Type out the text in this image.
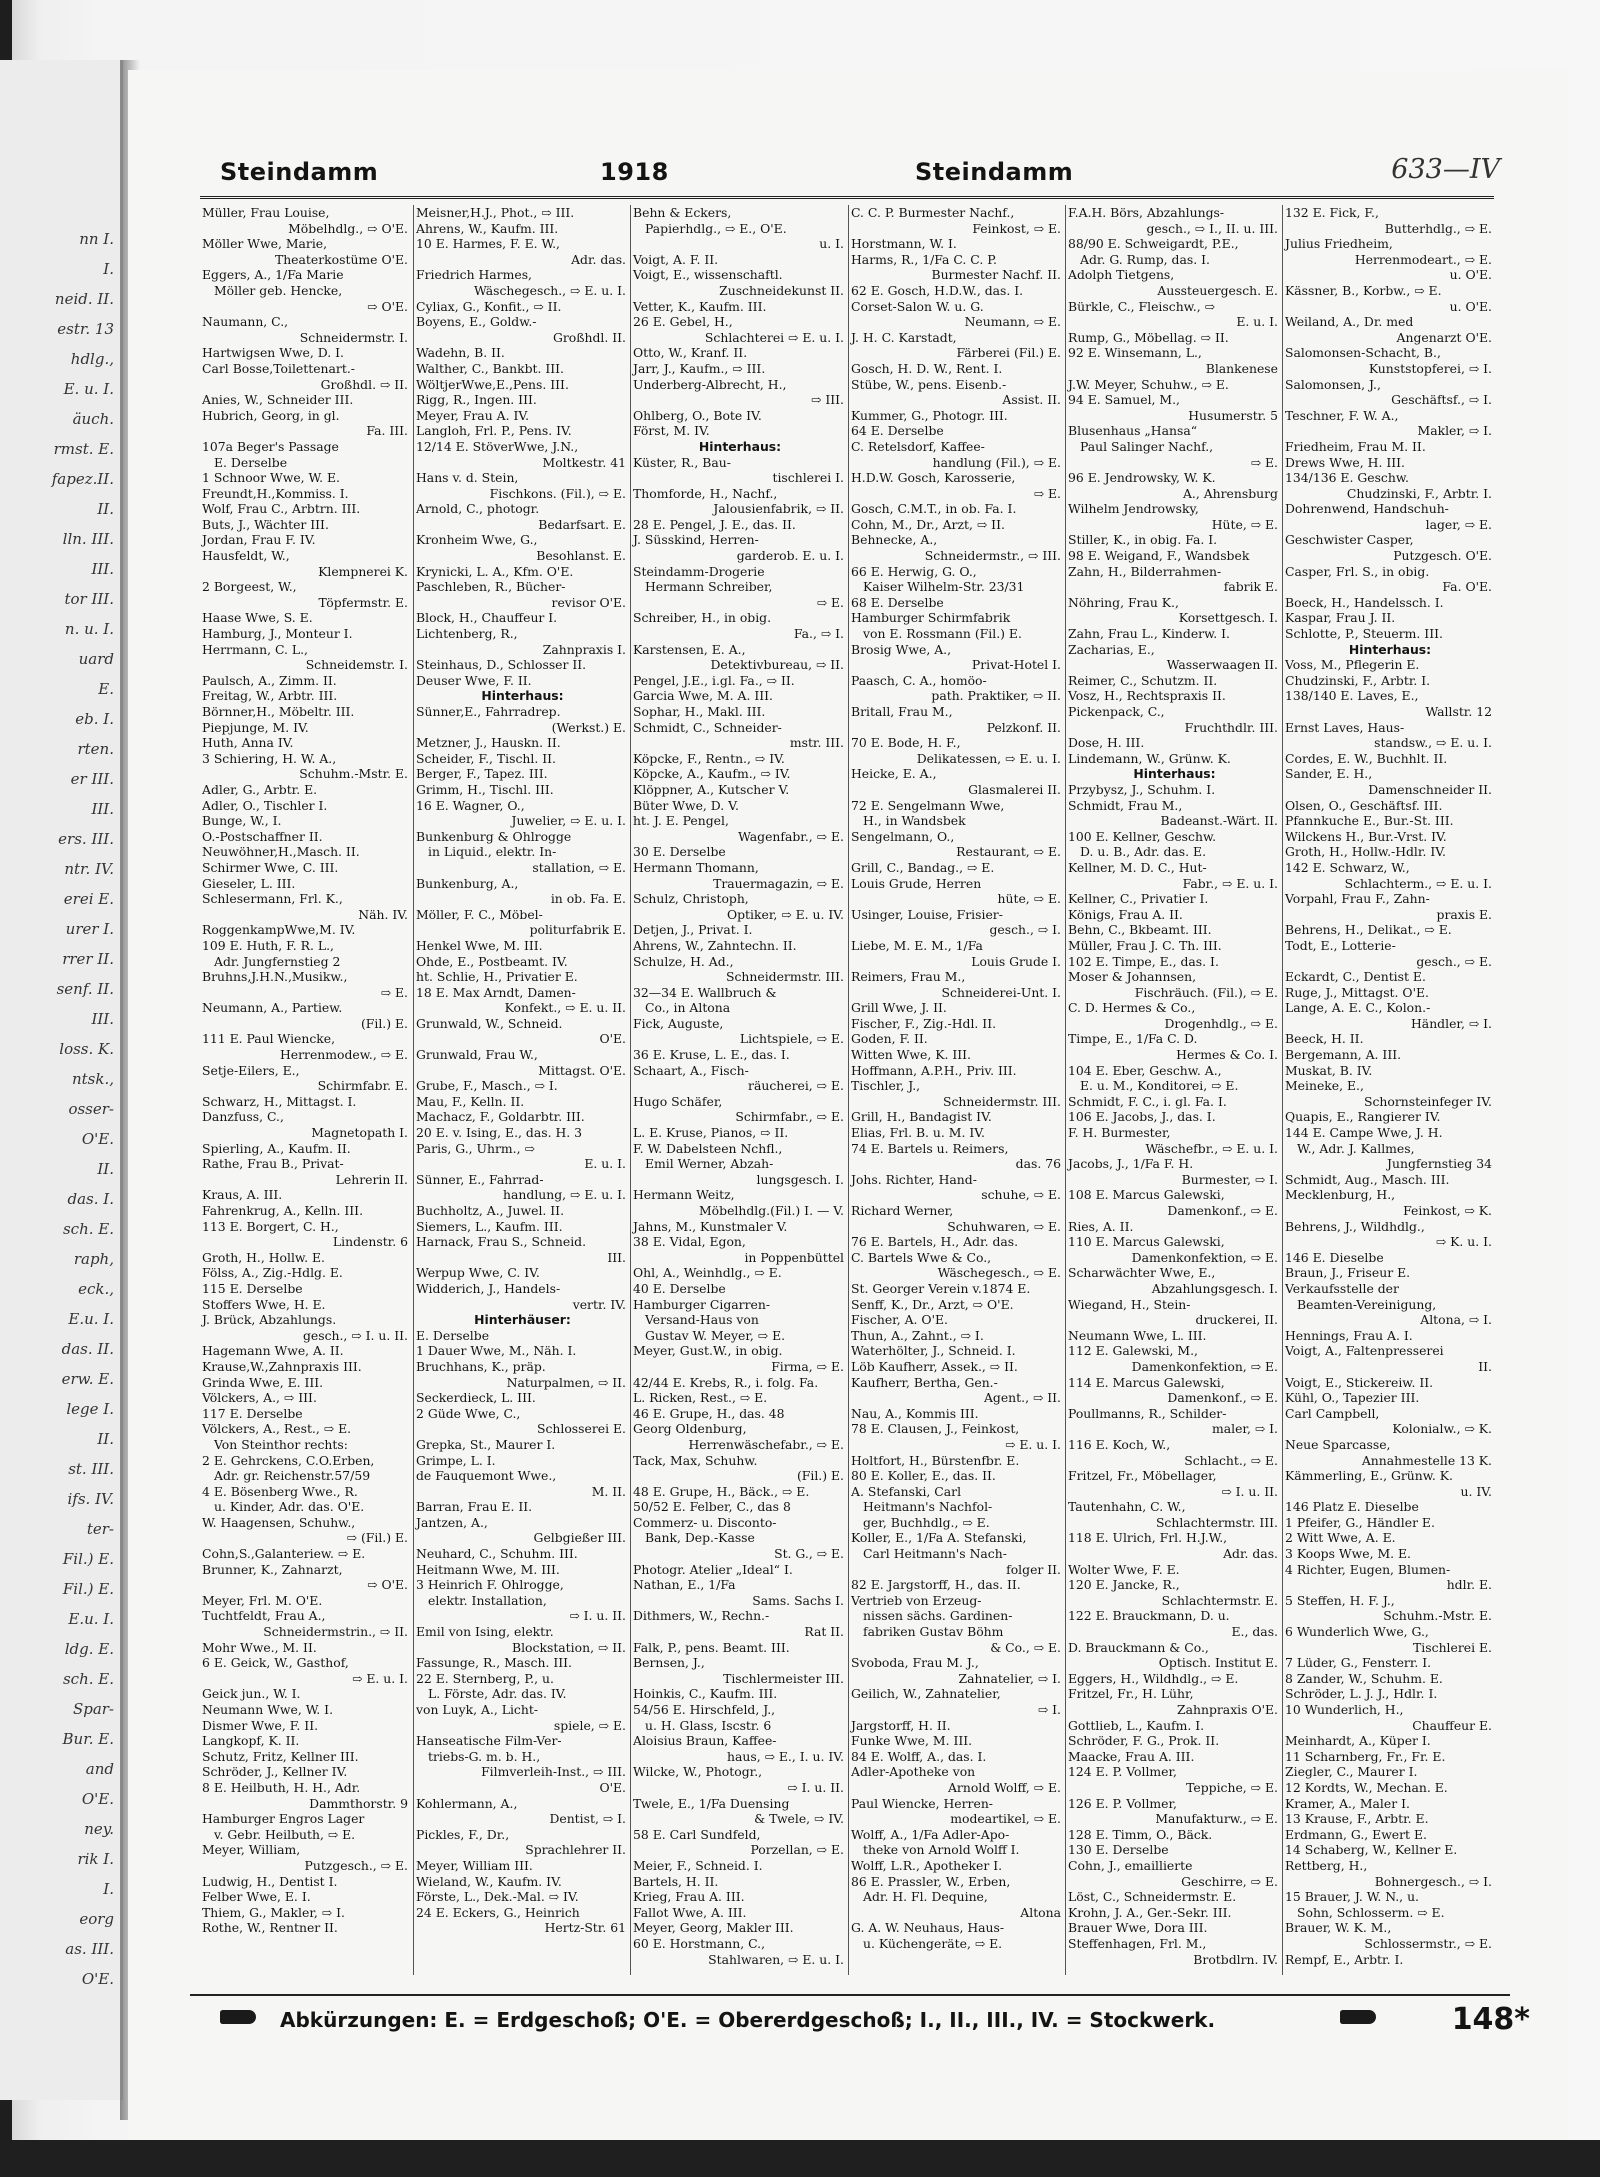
nn I.
I.
neid. II.
estr. 13
hdlg.,
E. u. I.
äuch.
rmst. E.
fapez.II.
II.
lln. III.
III.
tor III.
n. u. I.
uard
E.
eb. I.
rten.
er III.
III.
ers. III.
ntr. IV.
erei E.
urer I.
rrer II.
senf. II.
III.
loss. K.
ntsk.,
osser-
O'E.
II.
das. I.
sch. E.
raph,
eck.,
E.u. I.
das. II.
erw. E.
lege I.
II.
st. III.
ifs. IV.
ter-
Fil.) E.
Fil.) E.
E.u. I.
ldg. E.
sch. E.
Spar-
Bur. E.
and
O'E.
ney.
rik I.
I.
eorg
as. III.
O'E.
Steindamm	1918	Steindamm	633—IV
Müller, Frau Louise,
Möbelhdlg., ⇨ O'E.
Möller Wwe, Marie,
Theaterkostüme O'E.
Eggers, A., 1/Fa Marie
Möller geb. Hencke,
⇨ O'E.
Naumann, C.,
Schneidermstr. I.
Hartwigsen Wwe, D. I.
Carl Bosse,Toilettenart.-
Großhdl. ⇨ II.
Anies, W., Schneider III.
Hubrich, Georg, in gl.
Fa. III.
107a Beger's Passage
E. Derselbe
1 Schnoor Wwe, W. E.
Freundt,H.,Kommiss. I.
Wolf, Frau C., Arbtrn. III.
Buts, J., Wächter III.
Jordan, Frau F. IV.
Hausfeldt, W.,
Klempnerei K.
2 Borgeest, W.,
Töpfermstr. E.
Haase Wwe, S. E.
Hamburg, J., Monteur I.
Herrmann, C. L.,
Schneidemstr. I.
Paulsch, A., Zimm. II.
Freitag, W., Arbtr. III.
Börnner,H., Möbeltr. III.
Piepjunge, M. IV.
Huth, Anna IV.
3 Schiering, H. W. A.,
Schuhm.-Mstr. E.
Adler, G., Arbtr. E.
Adler, O., Tischler I.
Bunge, W., I.
O.-Postschaffner II.
Neuwöhner,H.,Masch. II.
Schirmer Wwe, C. III.
Gieseler, L. III.
Schlesermann, Frl. K.,
Näh. IV.
RoggenkampWwe,M. IV.
109 E. Huth, F. R. L.,
Adr. Jungfernstieg 2
Bruhns,J.H.N.,Musikw.,
⇨ E.
Neumann, A., Partiew.
(Fil.) E.
111 E. Paul Wiencke,
Herrenmodew., ⇨ E.
Setje-Eilers, E.,
Schirmfabr. E.
Schwarz, H., Mittagst. I.
Danzfuss, C.,
Magnetopath I.
Spierling, A., Kaufm. II.
Rathe, Frau B., Privat-
Lehrerin II.
Kraus, A. III.
Fahrenkrug, A., Kelln. III.
113 E. Borgert, C. H.,
Lindenstr. 6
Groth, H., Hollw. E.
Fölss, A., Zig.-Hdlg. E.
115 E. Derselbe
Stoffers Wwe, H. E.
J. Brück, Abzahlungs.
gesch., ⇨ I. u. II.
Hagemann Wwe, A. II.
Krause,W.,Zahnpraxis III.
Grinda Wwe, E. III.
Völckers, A., ⇨ III.
117 E. Derselbe
Völckers, A., Rest., ⇨ E.
Von Steinthor rechts:
2 E. Gehrckens, C.O.Erben,
Adr. gr. Reichenstr.57/59
4 E. Bösenberg Wwe., R.
u. Kinder, Adr. das. O'E.
W. Haagensen, Schuhw.,
⇨ (Fil.) E.
Cohn,S.,Galanteriew. ⇨ E.
Brunner, K., Zahnarzt,
⇨ O'E.
Meyer, Frl. M. O'E.
Tuchtfeldt, Frau A.,
Schneidermstrin., ⇨ II.
Mohr Wwe., M. II.
6 E. Geick, W., Gasthof,
⇨ E. u. I.
Geick jun., W. I.
Neumann Wwe, W. I.
Dismer Wwe, F. II.
Langkopf, K. II.
Schutz, Fritz, Kellner III.
Schröder, J., Kellner IV.
8 E. Heilbuth, H. H., Adr.
Dammthorstr. 9
Hamburger Engros Lager
v. Gebr. Heilbuth, ⇨ E.
Meyer, William,
Putzgesch., ⇨ E.
Ludwig, H., Dentist I.
Felber Wwe, E. I.
Thiem, G., Makler, ⇨ I.
Rothe, W., Rentner II.
Meisner,H.J., Phot., ⇨ III.
Ahrens, W., Kaufm. III.
10 E. Harmes, F. E. W.,
Adr. das.
Friedrich Harmes,
Wäschegesch., ⇨ E. u. I.
Cyliax, G., Konfit., ⇨ II.
Boyens, E., Goldw.-
Großhdl. II.
Wadehn, B. II.
Walther, C., Bankbt. III.
WöltjerWwe,E.,Pens. III.
Rigg, R., Ingen. III.
Meyer, Frau A. IV.
Langloh, Frl. P., Pens. IV.
12/14 E. StöverWwe, J.N.,
Moltkestr. 41
Hans v. d. Stein,
Fischkons. (Fil.), ⇨ E.
Arnold, C., photogr.
Bedarfsart. E.
Kronheim Wwe, G.,
Besohlanst. E.
Krynicki, L. A., Kfm. O'E.
Paschleben, R., Bücher-
revisor O'E.
Block, H., Chauffeur I.
Lichtenberg, R.,
Zahnpraxis I.
Steinhaus, D., Schlosser II.
Deuser Wwe, F. II.
Hinterhaus:
Sünner,E., Fahrradrep.
(Werkst.) E.
Metzner, J., Hauskn. II.
Scheider, F., Tischl. II.
Berger, F., Tapez. III.
Grimm, H., Tischl. III.
16 E. Wagner, O.,
Juwelier, ⇨ E. u. I.
Bunkenburg & Ohlrogge
in Liquid., elektr. In-
stallation, ⇨ E.
Bunkenburg, A.,
in ob. Fa. E.
Möller, F. C., Möbel-
politurfabrik E.
Henkel Wwe, M. III.
Ohde, E., Postbeamt. IV.
ht. Schlie, H., Privatier E.
18 E. Max Arndt, Damen-
Konfekt., ⇨ E. u. II.
Grunwald, W., Schneid.
O'E.
Grunwald, Frau W.,
Mittagst. O'E.
Grube, F., Masch., ⇨ I.
Mau, F., Kelln. II.
Machacz, F., Goldarbtr. III.
20 E. v. Ising, E., das. H. 3
Paris, G., Uhrm., ⇨
E. u. I.
Sünner, E., Fahrrad-
handlung, ⇨ E. u. I.
Buchholtz, A., Juwel. II.
Siemers, L., Kaufm. III.
Harnack, Frau S., Schneid.
III.
Werpup Wwe, C. IV.
Widderich, J., Handels-
vertr. IV.
Hinterhäuser:
E. Derselbe
1 Dauer Wwe, M., Näh. I.
Bruchhans, K., präp.
Naturpalmen, ⇨ II.
Seckerdieck, L. III.
2 Güde Wwe, C.,
Schlosserei E.
Grepka, St., Maurer I.
Grimpe, L. I.
de Fauquemont Wwe.,
M. II.
Barran, Frau E. II.
Jantzen, A.,
Gelbgießer III.
Neuhard, C., Schuhm. III.
Heitmann Wwe, M. III.
3 Heinrich F. Ohlrogge,
elektr. Installation,
⇨ I. u. II.
Emil von Ising, elektr.
Blockstation, ⇨ II.
Fassunge, R., Masch. III.
22 E. Sternberg, P., u.
L. Förste, Adr. das. IV.
von Luyk, A., Licht-
spiele, ⇨ E.
Hanseatische Film-Ver-
triebs-G. m. b. H.,
Filmverleih-Inst., ⇨ III.
O'E.
Kohlermann, A.,
Dentist, ⇨ I.
Pickles, F., Dr.,
Sprachlehrer II.
Meyer, William III.
Wieland, W., Kaufm. IV.
Förste, L., Dek.-Mal. ⇨ IV.
24 E. Eckers, G., Heinrich
Hertz-Str. 61
Behn & Eckers,
Papierhdlg., ⇨ E., O'E.
u. I.
Voigt, A. F. II.
Voigt, E., wissenschaftl.
Zuschneidekunst II.
Vetter, K., Kaufm. III.
26 E. Gebel, H.,
Schlachterei ⇨ E. u. I.
Otto, W., Kranf. II.
Jarr, J., Kaufm., ⇨ III.
Underberg-Albrecht, H.,
⇨ III.
Ohlberg, O., Bote IV.
Först, M. IV.
Hinterhaus:
Küster, R., Bau-
tischlerei I.
Thomforde, H., Nachf.,
Jalousienfabrik, ⇨ II.
28 E. Pengel, J. E., das. II.
J. Süsskind, Herren-
garderob. E. u. I.
Steindamm-Drogerie
Hermann Schreiber,
⇨ E.
Schreiber, H., in obig.
Fa., ⇨ I.
Karstensen, E. A.,
Detektivbureau, ⇨ II.
Pengel, J.E., i.gl. Fa., ⇨ II.
Garcia Wwe, M. A. III.
Sophar, H., Makl. III.
Schmidt, C., Schneider-
mstr. III.
Köpcke, F., Rentn., ⇨ IV.
Köpcke, A., Kaufm., ⇨ IV.
Klöppner, A., Kutscher V.
Büter Wwe, D. V.
ht. J. E. Pengel,
Wagenfabr., ⇨ E.
30 E. Derselbe
Hermann Thomann,
Trauermagazin, ⇨ E.
Schulz, Christoph,
Optiker, ⇨ E. u. IV.
Detjen, J., Privat. I.
Ahrens, W., Zahntechn. II.
Schulze, H. Ad.,
Schneidermstr. III.
32—34 E. Wallbruch &
Co., in Altona
Fick, Auguste,
Lichtspiele, ⇨ E.
36 E. Kruse, L. E., das. I.
Schaart, A., Fisch-
räucherei, ⇨ E.
Hugo Schäfer,
Schirmfabr., ⇨ E.
L. E. Kruse, Pianos, ⇨ II.
F. W. Dabelsteen Nchfl.,
Emil Werner, Abzah-
lungsgesch. I.
Hermann Weitz,
Möbelhdlg.(Fil.) I. — V.
Jahns, M., Kunstmaler V.
38 E. Vidal, Egon,
in Poppenbüttel
Ohl, A., Weinhdlg., ⇨ E.
40 E. Derselbe
Hamburger Cigarren-
Versand-Haus von
Gustav W. Meyer, ⇨ E.
Meyer, Gust.W., in obig.
Firma, ⇨ E.
42/44 E. Krebs, R., i. folg. Fa.
L. Ricken, Rest., ⇨ E.
46 E. Grupe, H., das. 48
Georg Oldenburg,
Herrenwäschefabr., ⇨ E.
Tack, Max, Schuhw.
(Fil.) E.
48 E. Grupe, H., Bäck., ⇨ E.
50/52 E. Felber, C., das 8
Commerz- u. Disconto-
Bank, Dep.-Kasse
St. G., ⇨ E.
Photogr. Atelier „Ideal“ I.
Nathan, E., 1/Fa
Sams. Sachs I.
Dithmers, W., Rechn.-
Rat II.
Falk, P., pens. Beamt. III.
Bernsen, J.,
Tischlermeister III.
Hoinkis, C., Kaufm. III.
54/56 E. Hirschfeld, J.,
u. H. Glass, Iscstr. 6
Aloisius Braun, Kaffee-
haus, ⇨ E., I. u. IV.
Wilcke, W., Photogr.,
⇨ I. u. II.
Twele, E., 1/Fa Duensing
& Twele, ⇨ IV.
58 E. Carl Sundfeld,
Porzellan, ⇨ E.
Meier, F., Schneid. I.
Bartels, H. II.
Krieg, Frau A. III.
Fallot Wwe, A. III.
Meyer, Georg, Makler III.
60 E. Horstmann, C.,
Stahlwaren, ⇨ E. u. I.
C. C. P. Burmester Nachf.,
Feinkost, ⇨ E.
Horstmann, W. I.
Harms, R., 1/Fa C. C. P.
Burmester Nachf. II.
62 E. Gosch, H.D.W., das. I.
Corset-Salon W. u. G.
Neumann, ⇨ E.
J. H. C. Karstadt,
Färberei (Fil.) E.
Gosch, H. D. W., Rent. I.
Stübe, W., pens. Eisenb.-
Assist. II.
Kummer, G., Photogr. III.
64 E. Derselbe
C. Retelsdorf, Kaffee-
handlung (Fil.), ⇨ E.
H.D.W. Gosch, Karosserie,
⇨ E.
Gosch, C.M.T., in ob. Fa. I.
Cohn, M., Dr., Arzt, ⇨ II.
Behnecke, A.,
Schneidermstr., ⇨ III.
66 E. Herwig, G. O.,
Kaiser Wilhelm-Str. 23/31
68 E. Derselbe
Hamburger Schirmfabrik
von E. Rossmann (Fil.) E.
Brosig Wwe, A.,
Privat-Hotel I.
Paasch, C. A., homöo-
path. Praktiker, ⇨ II.
Britall, Frau M.,
Pelzkonf. II.
70 E. Bode, H. F.,
Delikatessen, ⇨ E. u. I.
Heicke, E. A.,
Glasmalerei II.
72 E. Sengelmann Wwe,
H., in Wandsbek
Sengelmann, O.,
Restaurant, ⇨ E.
Grill, C., Bandag., ⇨ E.
Louis Grude, Herren
hüte, ⇨ E.
Usinger, Louise, Frisier-
gesch., ⇨ I.
Liebe, M. E. M., 1/Fa
Louis Grude I.
Reimers, Frau M.,
Schneiderei-Unt. I.
Grill Wwe, J. II.
Fischer, F., Zig.-Hdl. II.
Goden, F. II.
Witten Wwe, K. III.
Hoffmann, A.P.H., Priv. III.
Tischler, J.,
Schneidermstr. III.
Grill, H., Bandagist IV.
Elias, Frl. B. u. M. IV.
74 E. Bartels u. Reimers,
das. 76
Johs. Richter, Hand-
schuhe, ⇨ E.
Richard Werner,
Schuhwaren, ⇨ E.
76 E. Bartels, H., Adr. das.
C. Bartels Wwe & Co.,
Wäschegesch., ⇨ E.
St. Georger Verein v.1874 E.
Senff, K., Dr., Arzt, ⇨ O'E.
Fischer, A. O'E.
Thun, A., Zahnt., ⇨ I.
Waterhölter, J., Schneid. I.
Löb Kaufherr, Assek., ⇨ II.
Kaufherr, Bertha, Gen.-
Agent., ⇨ II.
Nau, A., Kommis III.
78 E. Clausen, J., Feinkost,
⇨ E. u. I.
Holtfort, H., Bürstenfbr. E.
80 E. Koller, E., das. II.
A. Stefanski, Carl
Heitmann's Nachfol-
ger, Buchhdlg., ⇨ E.
Koller, E., 1/Fa A. Stefanski,
Carl Heitmann's Nach-
folger II.
82 E. Jargstorff, H., das. II.
Vertrieb von Erzeug-
nissen sächs. Gardinen-
fabriken Gustav Böhm
& Co., ⇨ E.
Svoboda, Frau M. J.,
Zahnatelier, ⇨ I.
Geilich, W., Zahnatelier,
⇨ I.
Jargstorff, H. II.
Funke Wwe, M. III.
84 E. Wolff, A., das. I.
Adler-Apotheke von
Arnold Wolff, ⇨ E.
Paul Wiencke, Herren-
modeartikel, ⇨ E.
Wolff, A., 1/Fa Adler-Apo-
theke von Arnold Wolff I.
Wolff, L.R., Apotheker I.
86 E. Prassler, W., Erben,
Adr. H. Fl. Dequine,
Altona
G. A. W. Neuhaus, Haus-
u. Küchengeräte, ⇨ E.
F.A.H. Börs, Abzahlungs-
gesch., ⇨ I., II. u. III.
88/90 E. Schweigardt, P.E.,
Adr. G. Rump, das. I.
Adolph Tietgens,
Aussteuergesch. E.
Bürkle, C., Fleischw., ⇨
E. u. I.
Rump, G., Möbellag. ⇨ II.
92 E. Winsemann, L.,
Blankenese
J.W. Meyer, Schuhw., ⇨ E.
94 E. Samuel, M.,
Husumerstr. 5
Blusenhaus „Hansa“
Paul Salinger Nachf.,
⇨ E.
96 E. Jendrowsky, W. K.
A., Ahrensburg
Wilhelm Jendrowsky,
Hüte, ⇨ E.
Stiller, K., in obig. Fa. I.
98 E. Weigand, F., Wandsbek
Zahn, H., Bilderrahmen-
fabrik E.
Nöhring, Frau K.,
Korsettgesch. I.
Zahn, Frau L., Kinderw. I.
Zacharias, E.,
Wasserwaagen II.
Reimer, C., Schutzm. II.
Vosz, H., Rechtspraxis II.
Pickenpack, C.,
Fruchthdlr. III.
Dose, H. III.
Lindemann, W., Grünw. K.
Hinterhaus:
Przybysz, J., Schuhm. I.
Schmidt, Frau M.,
Badeanst.-Wärt. II.
100 E. Kellner, Geschw.
D. u. B., Adr. das. E.
Kellner, M. D. C., Hut-
Fabr., ⇨ E. u. I.
Kellner, C., Privatier I.
Königs, Frau A. II.
Behn, C., Bkbeamt. III.
Müller, Frau J. C. Th. III.
102 E. Timpe, E., das. I.
Moser & Johannsen,
Fischräuch. (Fil.), ⇨ E.
C. D. Hermes & Co.,
Drogenhdlg., ⇨ E.
Timpe, E., 1/Fa C. D.
Hermes & Co. I.
104 E. Eber, Geschw. A.,
E. u. M., Konditorei, ⇨ E.
Schmidt, F. C., i. gl. Fa. I.
106 E. Jacobs, J., das. I.
F. H. Burmester,
Wäschefbr., ⇨ E. u. I.
Jacobs, J., 1/Fa F. H.
Burmester, ⇨ I.
108 E. Marcus Galewski,
Damenkonf., ⇨ E.
Ries, A. II.
110 E. Marcus Galewski,
Damenkonfektion, ⇨ E.
Scharwächter Wwe, E.,
Abzahlungsgesch. I.
Wiegand, H., Stein-
druckerei, II.
Neumann Wwe, L. III.
112 E. Galewski, M.,
Damenkonfektion, ⇨ E.
114 E. Marcus Galewski,
Damenkonf., ⇨ E.
Poullmanns, R., Schilder-
maler, ⇨ I.
116 E. Koch, W.,
Schlacht., ⇨ E.
Fritzel, Fr., Möbellager,
⇨ I. u. II.
Tautenhahn, C. W.,
Schlachtermstr. III.
118 E. Ulrich, Frl. H.J.W.,
Adr. das.
Wolter Wwe, F. E.
120 E. Jancke, R.,
Schlachtermstr. E.
122 E. Brauckmann, D. u.
E., das.
D. Brauckmann & Co.,
Optisch. Institut E.
Eggers, H., Wildhdlg., ⇨ E.
Fritzel, Fr., H. Lühr,
Zahnpraxis O'E.
Gottlieb, L., Kaufm. I.
Schröder, F. G., Prok. II.
Maacke, Frau A. III.
124 E. P. Vollmer,
Teppiche, ⇨ E.
126 E. P. Vollmer,
Manufakturw., ⇨ E.
128 E. Timm, O., Bäck.
130 E. Derselbe
Cohn, J., emaillierte
Geschirre, ⇨ E.
Löst, C., Schneidermstr. E.
Krohn, J. A., Ger.-Sekr. III.
Brauer Wwe, Dora III.
Steffenhagen, Frl. M.,
Brotbdlrn. IV.
132 E. Fick, F.,
Butterhdlg., ⇨ E.
Julius Friedheim,
Herrenmodeart., ⇨ E.
u. O'E.
Kässner, B., Korbw., ⇨ E.
u. O'E.
Weiland, A., Dr. med
Angenarzt O'E.
Salomonsen-Schacht, B.,
Kunststopferei, ⇨ I.
Salomonsen, J.,
Geschäftsf., ⇨ I.
Teschner, F. W. A.,
Makler, ⇨ I.
Friedheim, Frau M. II.
Drews Wwe, H. III.
134/136 E. Geschw.
Chudzinski, F., Arbtr. I.
Dohrenwend, Handschuh-
lager, ⇨ E.
Geschwister Casper,
Putzgesch. O'E.
Casper, Frl. S., in obig.
Fa. O'E.
Boeck, H., Handelssch. I.
Kaspar, Frau J. II.
Schlotte, P., Steuerm. III.
Hinterhaus:
Voss, M., Pflegerin E.
Chudzinski, F., Arbtr. I.
138/140 E. Laves, E.,
Wallstr. 12
Ernst Laves, Haus-
standsw., ⇨ E. u. I.
Cordes, E. W., Buchhlt. II.
Sander, E. H.,
Damenschneider II.
Olsen, O., Geschäftsf. III.
Pfannkuche E., Bur.-St. III.
Wilckens H., Bur.-Vrst. IV.
Groth, H., Hollw.-Hdlr. IV.
142 E. Schwarz, W.,
Schlachterm., ⇨ E. u. I.
Vorpahl, Frau F., Zahn-
praxis E.
Behrens, H., Delikat., ⇨ E.
Todt, E., Lotterie-
gesch., ⇨ E.
Eckardt, C., Dentist E.
Ruge, J., Mittagst. O'E.
Lange, A. E. C., Kolon.-
Händler, ⇨ I.
Beeck, H. II.
Bergemann, A. III.
Muskat, B. IV.
Meineke, E.,
Schornsteinfeger IV.
Quapis, E., Rangierer IV.
144 E. Campe Wwe, J. H.
W., Adr. J. Kallmes,
Jungfernstieg 34
Schmidt, Aug., Masch. III.
Mecklenburg, H.,
Feinkost, ⇨ K.
Behrens, J., Wildhdlg.,
⇨ K. u. I.
146 E. Dieselbe
Braun, J., Friseur E.
Verkaufsstelle der
Beamten-Vereinigung,
Altona, ⇨ I.
Hennings, Frau A. I.
Voigt, A., Faltenpresserei
II.
Voigt, E., Stickereiw. II.
Kühl, O., Tapezier III.
Carl Campbell,
Kolonialw., ⇨ K.
Neue Sparcasse,
Annahmestelle 13 K.
Kämmerling, E., Grünw. K.
u. IV.
146 Platz E. Dieselbe
1 Pfeifer, G., Händler E.
2 Witt Wwe, A. E.
3 Koops Wwe, M. E.
4 Richter, Eugen, Blumen-
hdlr. E.
5 Steffen, H. F. J.,
Schuhm.-Mstr. E.
6 Wunderlich Wwe, G.,
Tischlerei E.
7 Lüder, G., Fensterr. I.
8 Zander, W., Schuhm. E.
Schröder, L. J. J., Hdlr. I.
10 Wunderlich, H.,
Chauffeur E.
Meinhardt, A., Küper I.
11 Scharnberg, Fr., Fr. E.
Ziegler, C., Maurer I.
12 Kordts, W., Mechan. E.
Kramer, A., Maler I.
13 Krause, F., Arbtr. E.
Erdmann, G., Ewert E.
14 Schaberg, W., Kellner E.
Rettberg, H.,
Bohnergesch., ⇨ I.
15 Brauer, J. W. N., u.
Sohn, Schlosserm. ⇨ E.
Brauer, W. K. M.,
Schlossermstr., ⇨ E.
Rempf, E., Arbtr. I.
Abkürzungen: E. = Erdgeschoß; O'E. = Obererdgeschoß; I., II., III., IV. = Stockwerk.	148*
